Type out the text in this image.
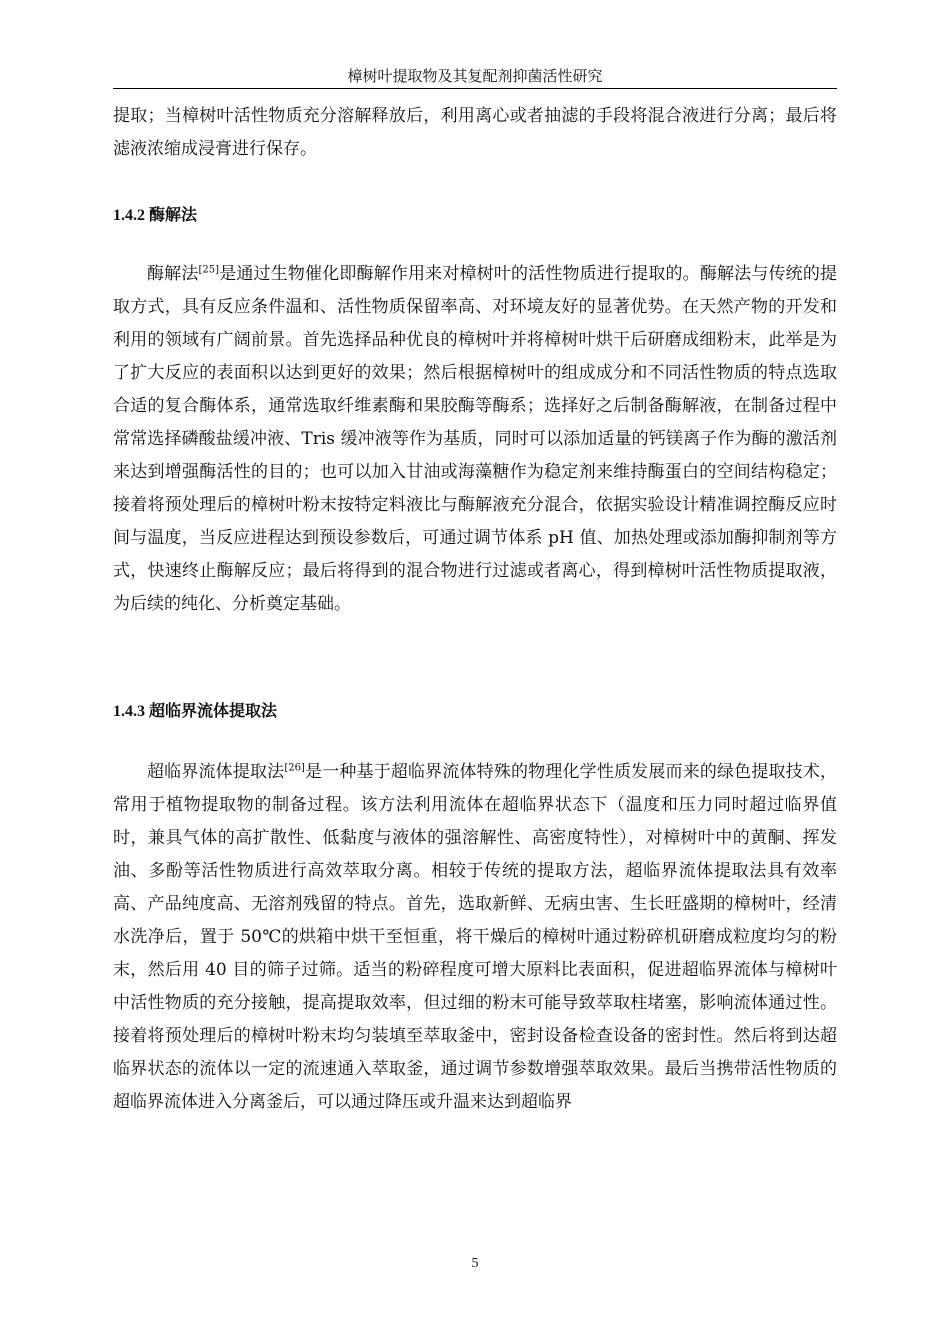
樟树叶提取物及其复配剂抑菌活性研究

提取；当樟树叶活性物质充分溶解释放后，利用离心或者抽滤的手段将混合液进行分离；最后将滤液浓缩成浸膏进行保存。

1.4.2 酶解法

酶解法[25]是通过生物催化即酶解作用来对樟树叶的活性物质进行提取的。酶解法与传统的提取方式，具有反应条件温和、活性物质保留率高、对环境友好的显著优势。在天然产物的开发和利用的领域有广阔前景。首先选择品种优良的樟树叶并将樟树叶烘干后研磨成细粉末，此举是为了扩大反应的表面积以达到更好的效果；然后根据樟树叶的组成成分和不同活性物质的特点选取合适的复合酶体系，通常选取纤维素酶和果胶酶等酶系；选择好之后制备酶解液，在制备过程中常常选择磷酸盐缓冲液、Tris 缓冲液等作为基质，同时可以添加适量的钙镁离子作为酶的激活剂来达到增强酶活性的目的；也可以加入甘油或海藻糖作为稳定剂来维持酶蛋白的空间结构稳定；接着将预处理后的樟树叶粉末按特定料液比与酶解液充分混合，依据实验设计精准调控酶反应时间与温度，当反应进程达到预设参数后，可通过调节体系 pH 值、加热处理或添加酶抑制剂等方式，快速终止酶解反应；最后将得到的混合物进行过滤或者离心，得到樟树叶活性物质提取液，为后续的纯化、分析奠定基础。

1.4.3 超临界流体提取法

超临界流体提取法[26]是一种基于超临界流体特殊的物理化学性质发展而来的绿色提取技术，常用于植物提取物的制备过程。该方法利用流体在超临界状态下（温度和压力同时超过临界值时，兼具气体的高扩散性、低黏度与液体的强溶解性、高密度特性），对樟树叶中的黄酮、挥发油、多酚等活性物质进行高效萃取分离。相较于传统的提取方法，超临界流体提取法具有效率高、产品纯度高、无溶剂残留的特点。首先，选取新鲜、无病虫害、生长旺盛期的樟树叶，经清水洗净后，置于 50℃的烘箱中烘干至恒重，将干燥后的樟树叶通过粉碎机研磨成粒度均匀的粉末，然后用 40 目的筛子过筛。适当的粉碎程度可增大原料比表面积，促进超临界流体与樟树叶中活性物质的充分接触，提高提取效率，但过细的粉末可能导致萃取柱堵塞，影响流体通过性。接着将预处理后的樟树叶粉末均匀装填至萃取釜中，密封设备检查设备的密封性。然后将到达超临界状态的流体以一定的流速通入萃取釜，通过调节参数增强萃取效果。最后当携带活性物质的超临界流体进入分离釜后，可以通过降压或升温来达到超临界

5
